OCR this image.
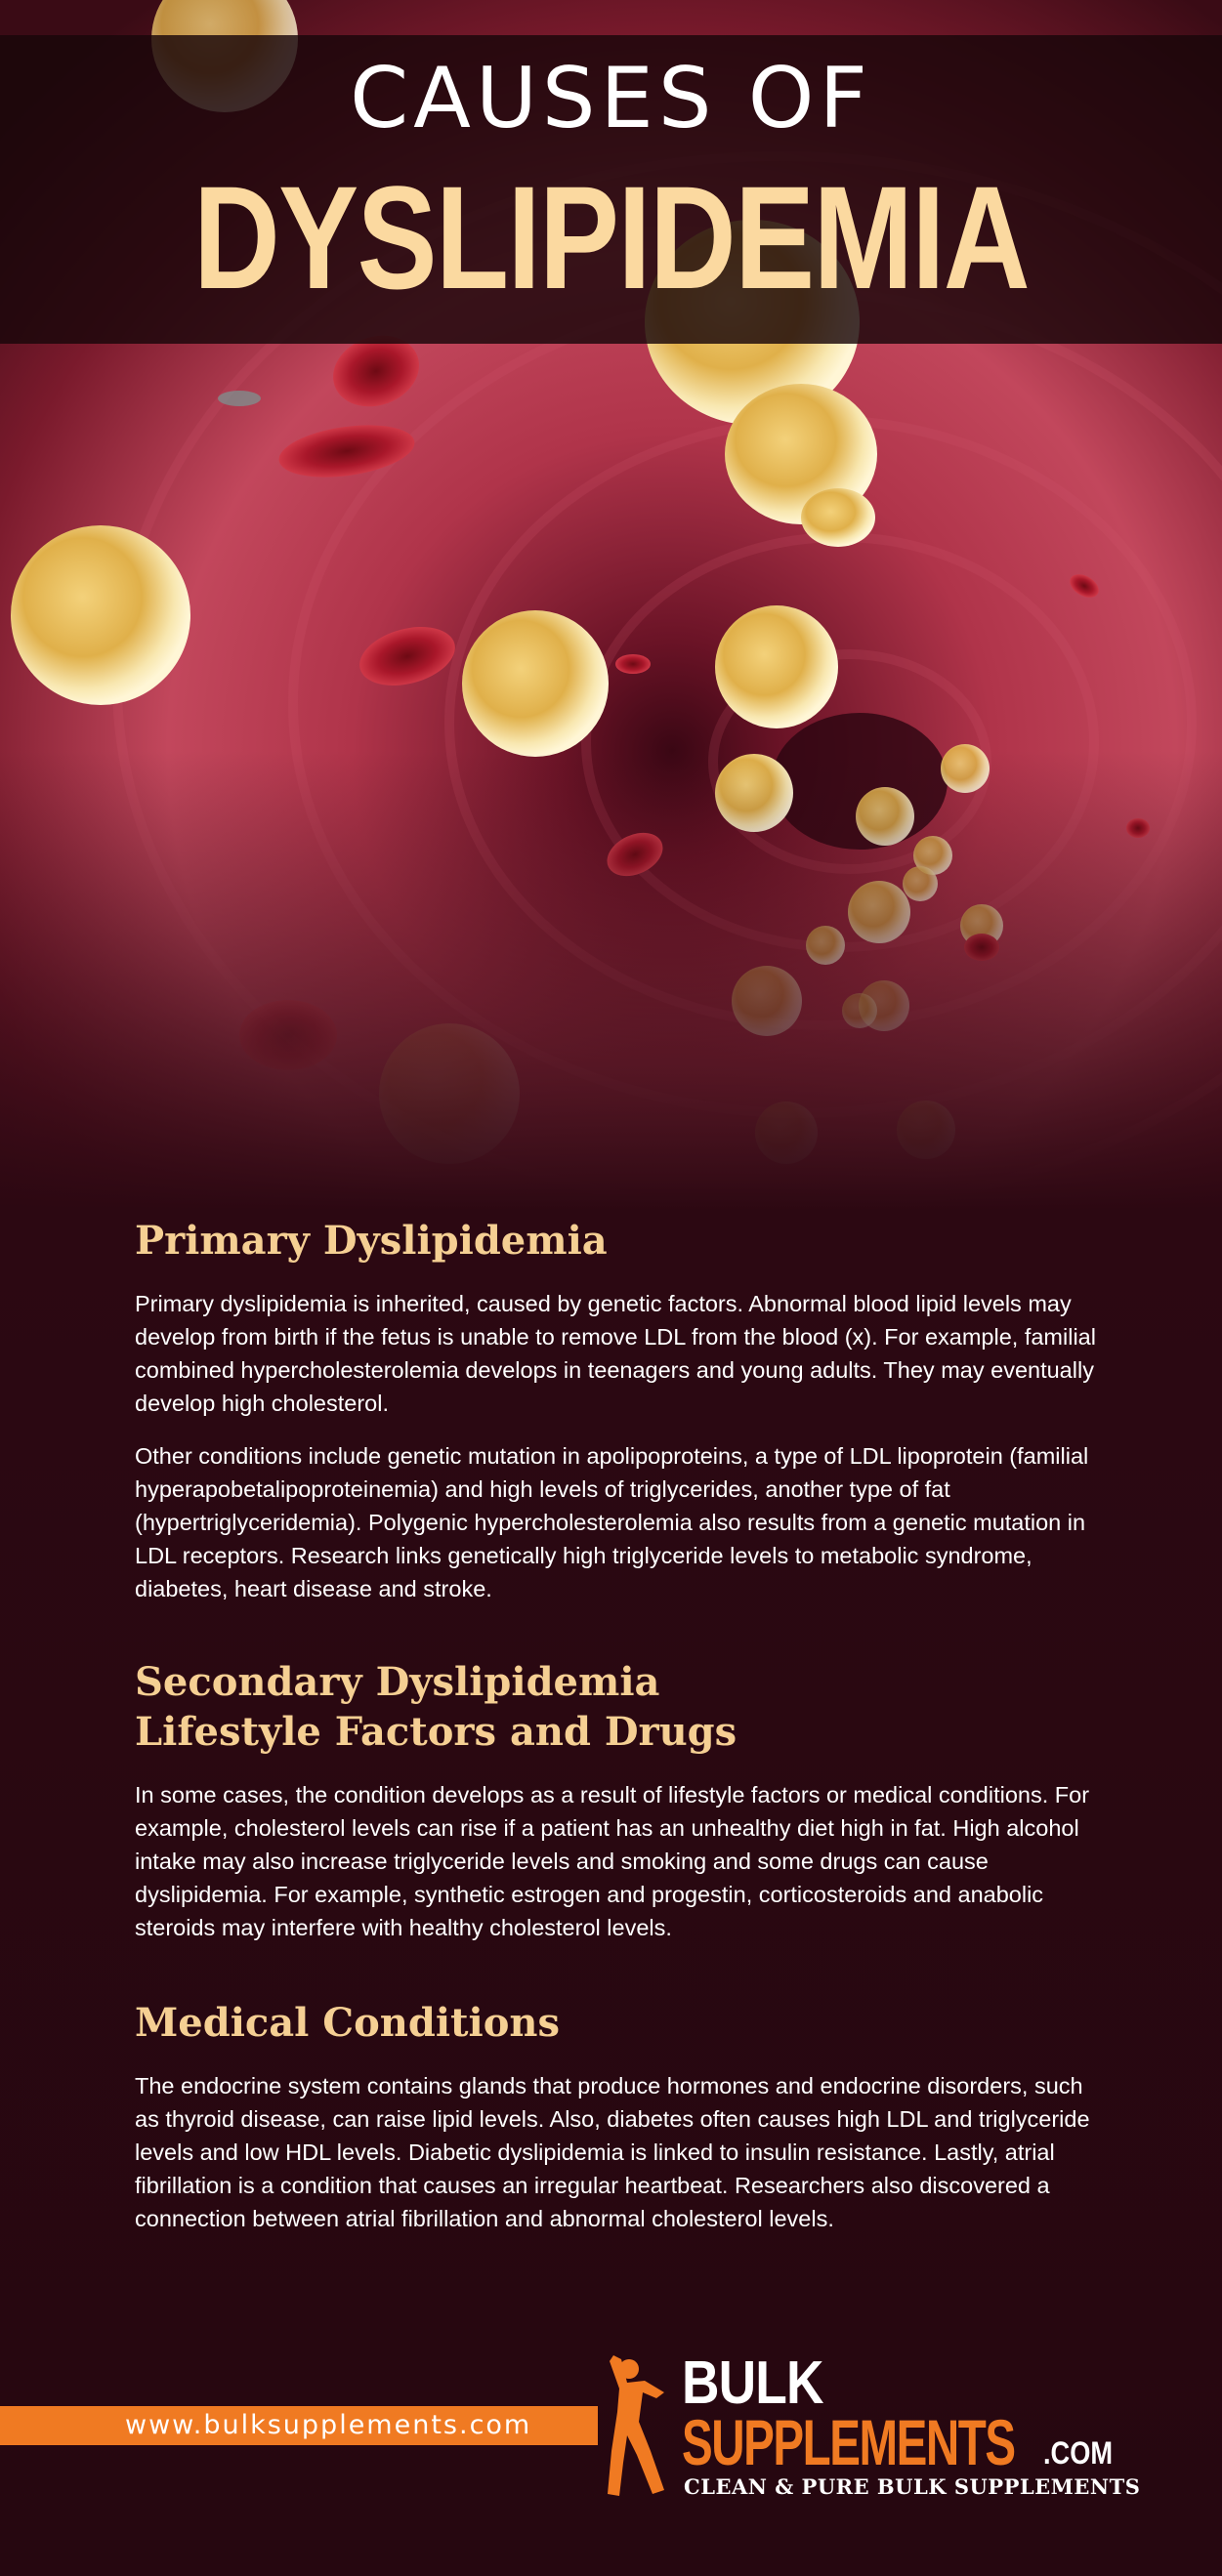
CAUSES OF
DYSLIPIDEMIA
Primary Dyslipidemia

Primary dyslipidemia is inherited, caused by genetic factors. Abnormal blood lipid levels may develop from birth if the fetus is unable to remove LDL from the blood (x). For example, familial combined hypercholesterolemia develops in teenagers and young adults. They may eventually develop high cholesterol.

Other conditions include genetic mutation in apolipoproteins, a type of LDL lipoprotein (familial hyperapobetalipoproteinemia) and high levels of triglycerides, another type of fat (hypertriglyceridemia). Polygenic hypercholesterolemia also results from a genetic mutation in LDL receptors. Research links genetically high triglyceride levels to metabolic syndrome, diabetes, heart disease and stroke.

Secondary Dyslipidemia
Lifestyle Factors and Drugs

In some cases, the condition develops as a result of lifestyle factors or medical conditions. For example, cholesterol levels can rise if a patient has an unhealthy diet high in fat. High alcohol intake may also increase triglyceride levels and smoking and some drugs can cause dyslipidemia. For example, synthetic estrogen and progestin, corticosteroids and anabolic steroids may interfere with healthy cholesterol levels.

Medical Conditions

The endocrine system contains glands that produce hormones and endocrine disorders, such as thyroid disease, can raise lipid levels. Also, diabetes often causes high LDL and triglyceride levels and low HDL levels. Diabetic dyslipidemia is linked to insulin resistance. Lastly, atrial fibrillation is a condition that causes an irregular heartbeat. Researchers also discovered a connection between atrial fibrillation and abnormal cholesterol levels.

www.bulksupplements.com
BULK
SUPPLEMENTS .COM
CLEAN & PURE BULK SUPPLEMENTS
